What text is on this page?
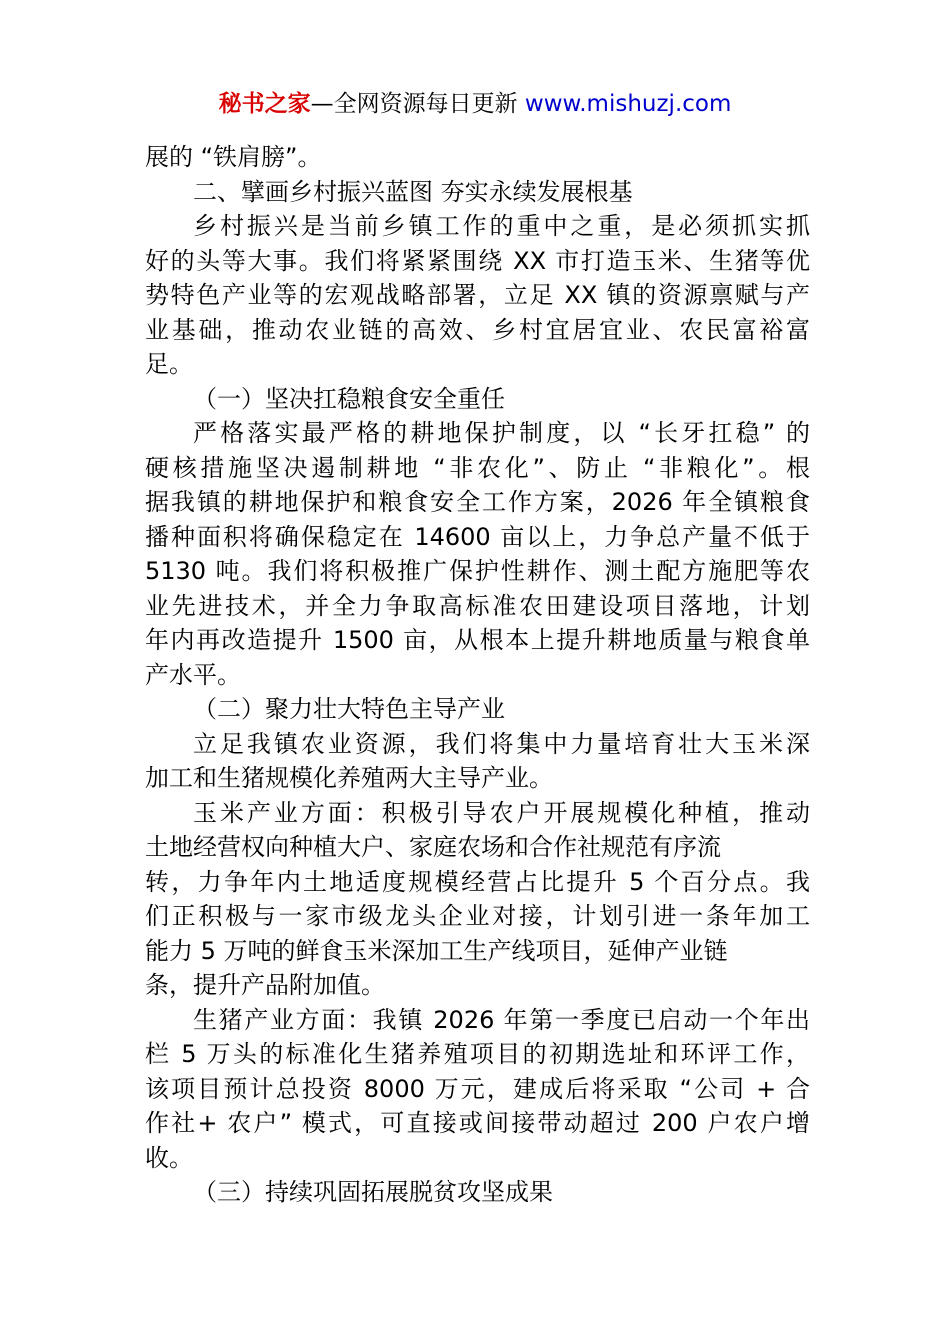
秘书之家—全网资源每日更新 www.mishuzj.com
展的 “铁肩膀”。
二、擘画乡村振兴蓝图 夯实永续发展根基
乡村振兴是当前乡镇工作的重中之重，是必须抓实抓
好的头等大事。我们将紧紧围绕 XX 市打造玉米、生猪等优
势特色产业等的宏观战略部署，立足 XX 镇的资源禀赋与产
业基础，推动农业链的高效、乡村宜居宜业、农民富裕富
足。
（一）坚决扛稳粮食安全重任
严格落实最严格的耕地保护制度，以 “长牙扛稳” 的
硬核措施坚决遏制耕地 “非农化”、防止 “非粮化”。根
据我镇的耕地保护和粮食安全工作方案，2026 年全镇粮食
播种面积将确保稳定在 14600 亩以上，力争总产量不低于
5130 吨。我们将积极推广保护性耕作、测土配方施肥等农
业先进技术，并全力争取高标准农田建设项目落地，计划
年内再改造提升 1500 亩，从根本上提升耕地质量与粮食单
产水平。
（二）聚力壮大特色主导产业
立足我镇农业资源，我们将集中力量培育壮大玉米深
加工和生猪规模化养殖两大主导产业。
玉米产业方面：积极引导农户开展规模化种植，推动
土地经营权向种植大户、家庭农场和合作社规范有序流
转，力争年内土地适度规模经营占比提升 5 个百分点。我
们正积极与一家市级龙头企业对接，计划引进一条年加工
能力 5 万吨的鲜食玉米深加工生产线项目，延伸产业链
条，提升产品附加值。
生猪产业方面：我镇 2026 年第一季度已启动一个年出
栏 5 万头的标准化生猪养殖项目的初期选址和环评工作，
该项目预计总投资 8000 万元，建成后将采取 “公司 + 合
作社+ 农户” 模式，可直接或间接带动超过 200 户农户增
收。
（三）持续巩固拓展脱贫攻坚成果
